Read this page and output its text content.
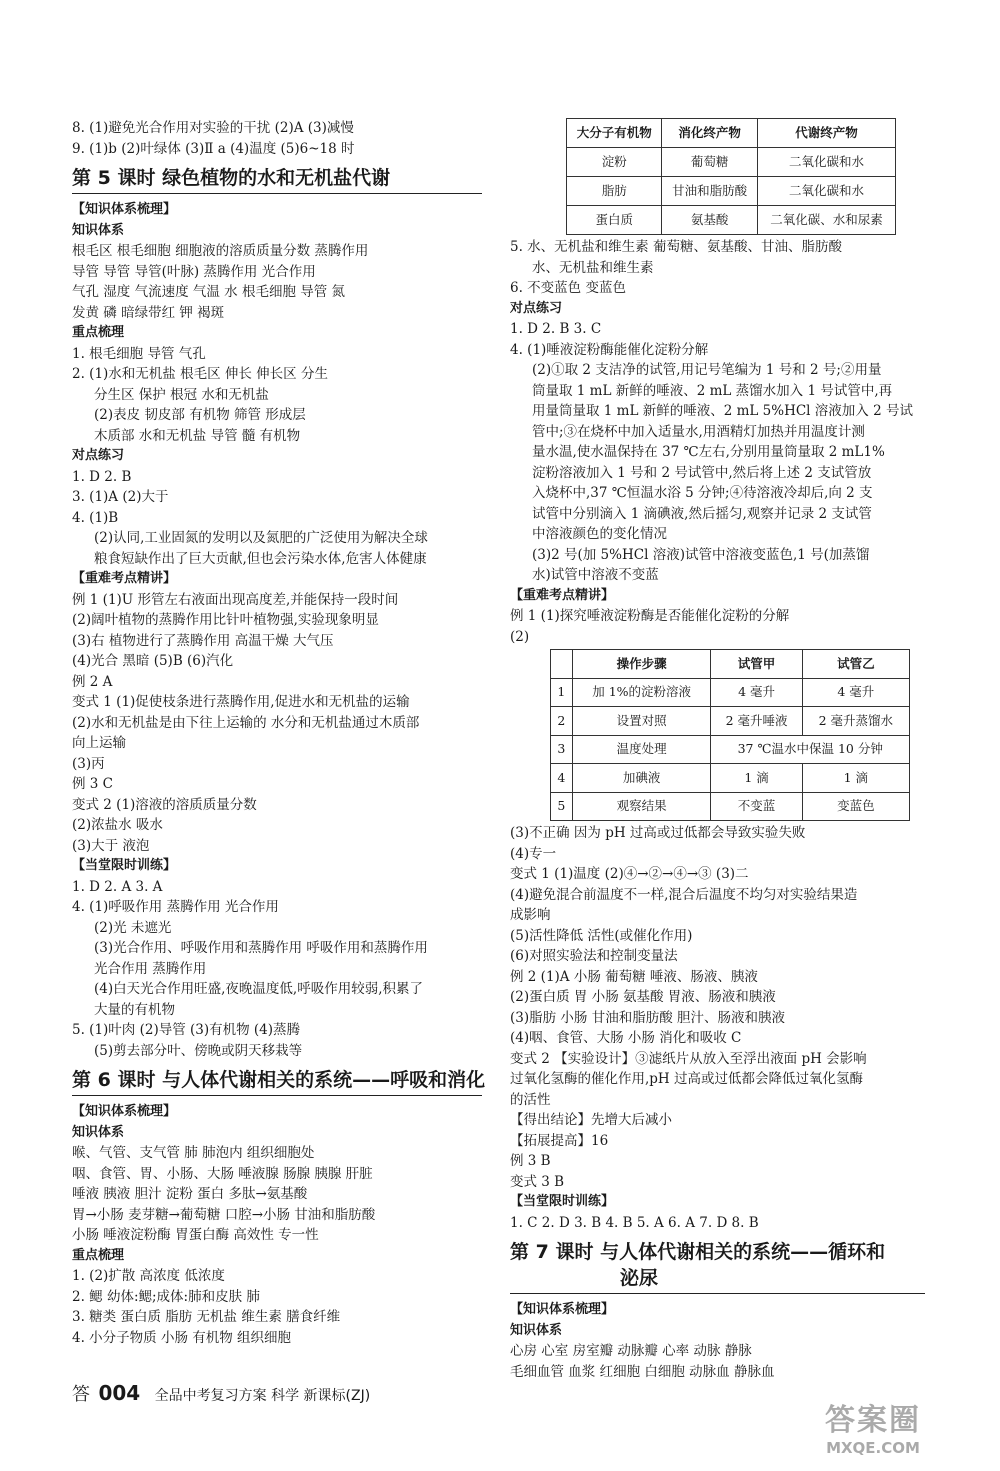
8. (1)避免光合作用对实验的干扰 (2)A (3)减慢
9. (1)b (2)叶绿体 (3)Ⅱ a (4)温度 (5)6~18 时
第 5 课时 绿色植物的水和无机盐代谢
【知识体系梳理】
知识体系
根毛区 根毛细胞 细胞液的溶质质量分数 蒸腾作用
导管 导管 导管(叶脉) 蒸腾作用 光合作用
气孔 湿度 气流速度 气温 水 根毛细胞 导管 氮
发黄 磷 暗绿带红 钾 褐斑
重点梳理
1. 根毛细胞 导管 气孔
2. (1)水和无机盐 根毛区 伸长 伸长区 分生
分生区 保护 根冠 水和无机盐
(2)表皮 韧皮部 有机物 筛管 形成层
木质部 水和无机盐 导管 髓 有机物
对点练习
1. D 2. B
3. (1)A (2)大于
4. (1)B
(2)认同,工业固氮的发明以及氮肥的广泛使用为解决全球
粮食短缺作出了巨大贡献,但也会污染水体,危害人体健康
【重难考点精讲】
例 1 (1)U 形管左右液面出现高度差,并能保持一段时间
(2)阔叶植物的蒸腾作用比针叶植物强,实验现象明显
(3)右 植物进行了蒸腾作用 高温干燥 大气压
(4)光合 黑暗 (5)B (6)汽化
例 2 A
变式 1 (1)促使枝条进行蒸腾作用,促进水和无机盐的运输
(2)水和无机盐是由下往上运输的 水分和无机盐通过木质部
向上运输
(3)丙
例 3 C
变式 2 (1)溶液的溶质质量分数
(2)浓盐水 吸水
(3)大于 液泡
【当堂限时训练】
1. D 2. A 3. A
4. (1)呼吸作用 蒸腾作用 光合作用
(2)光 未遮光
(3)光合作用、呼吸作用和蒸腾作用 呼吸作用和蒸腾作用
光合作用 蒸腾作用
(4)白天光合作用旺盛,夜晚温度低,呼吸作用较弱,积累了
大量的有机物
5. (1)叶肉 (2)导管 (3)有机物 (4)蒸腾
(5)剪去部分叶、傍晚或阴天移栽等
第 6 课时 与人体代谢相关的系统——呼吸和消化
【知识体系梳理】
知识体系
喉、气管、支气管 肺 肺泡内 组织细胞处
咽、食管、胃、小肠、大肠 唾液腺 肠腺 胰腺 肝脏
唾液 胰液 胆汁 淀粉 蛋白 多肽→氨基酸
胃→小肠 麦芽糖→葡萄糖 口腔→小肠 甘油和脂肪酸
小肠 唾液淀粉酶 胃蛋白酶 高效性 专一性
重点梳理
1. (2)扩散 高浓度 低浓度
2. 鳃 幼体:鳃;成体:肺和皮肤 肺
3. 糖类 蛋白质 脂肪 无机盐 维生素 膳食纤维
4. 小分子物质 小肠 有机物 组织细胞
大分子有机物	消化终产物	代谢终产物
淀粉	葡萄糖	二氧化碳和水
脂肪	甘油和脂肪酸	二氧化碳和水
蛋白质	氨基酸	二氧化碳、水和尿素
5. 水、无机盐和维生素 葡萄糖、氨基酸、甘油、脂肪酸
水、无机盐和维生素
6. 不变蓝色 变蓝色
对点练习
1. D 2. B 3. C
4. (1)唾液淀粉酶能催化淀粉分解
(2)①取 2 支洁净的试管,用记号笔编为 1 号和 2 号;②用量
筒量取 1 mL 新鲜的唾液、2 mL 蒸馏水加入 1 号试管中,再
用量筒量取 1 mL 新鲜的唾液、2 mL 5%HCl 溶液加入 2 号试
管中;③在烧杯中加入适量水,用酒精灯加热并用温度计测
量水温,使水温保持在 37 ℃左右,分别用量筒量取 2 mL1%
淀粉溶液加入 1 号和 2 号试管中,然后将上述 2 支试管放
入烧杯中,37 ℃恒温水浴 5 分钟;④待溶液冷却后,向 2 支
试管中分别滴入 1 滴碘液,然后摇匀,观察并记录 2 支试管
中溶液颜色的变化情况
(3)2 号(加 5%HCl 溶液)试管中溶液变蓝色,1 号(加蒸馏
水)试管中溶液不变蓝
【重难考点精讲】
例 1 (1)探究唾液淀粉酶是否能催化淀粉的分解
(2)
	操作步骤	试管甲	试管乙
1	加 1%的淀粉溶液	4 毫升	4 毫升
2	设置对照	2 毫升唾液	2 毫升蒸馏水
3	温度处理	37 ℃温水中保温 10 分钟	
4	加碘液	1 滴	1 滴
5	观察结果	不变蓝	变蓝色
(3)不正确 因为 pH 过高或过低都会导致实验失败
(4)专一
变式 1 (1)温度 (2)④→②→④→③ (3)二
(4)避免混合前温度不一样,混合后温度不均匀对实验结果造
成影响
(5)活性降低 活性(或催化作用)
(6)对照实验法和控制变量法
例 2 (1)A 小肠 葡萄糖 唾液、肠液、胰液
(2)蛋白质 胃 小肠 氨基酸 胃液、肠液和胰液
(3)脂肪 小肠 甘油和脂肪酸 胆汁、肠液和胰液
(4)咽、食管、大肠 小肠 消化和吸收 C
变式 2 【实验设计】③滤纸片从放入至浮出液面 pH 会影响
过氧化氢酶的催化作用,pH 过高或过低都会降低过氧化氢酶
的活性
【得出结论】先增大后减小
【拓展提高】16
例 3 B
变式 3 B
【当堂限时训练】
1. C 2. D 3. B 4. B 5. A 6. A 7. D 8. B
第 7 课时 与人体代谢相关的系统——循环和
泌尿
【知识体系梳理】
知识体系
心房 心室 房室瓣 动脉瓣 心率 动脉 静脉
毛细血管 血浆 红细胞 白细胞 动脉血 静脉血
答 004 全品中考复习方案 科学 新课标(ZJ)
答案圈
MXQE.COM
